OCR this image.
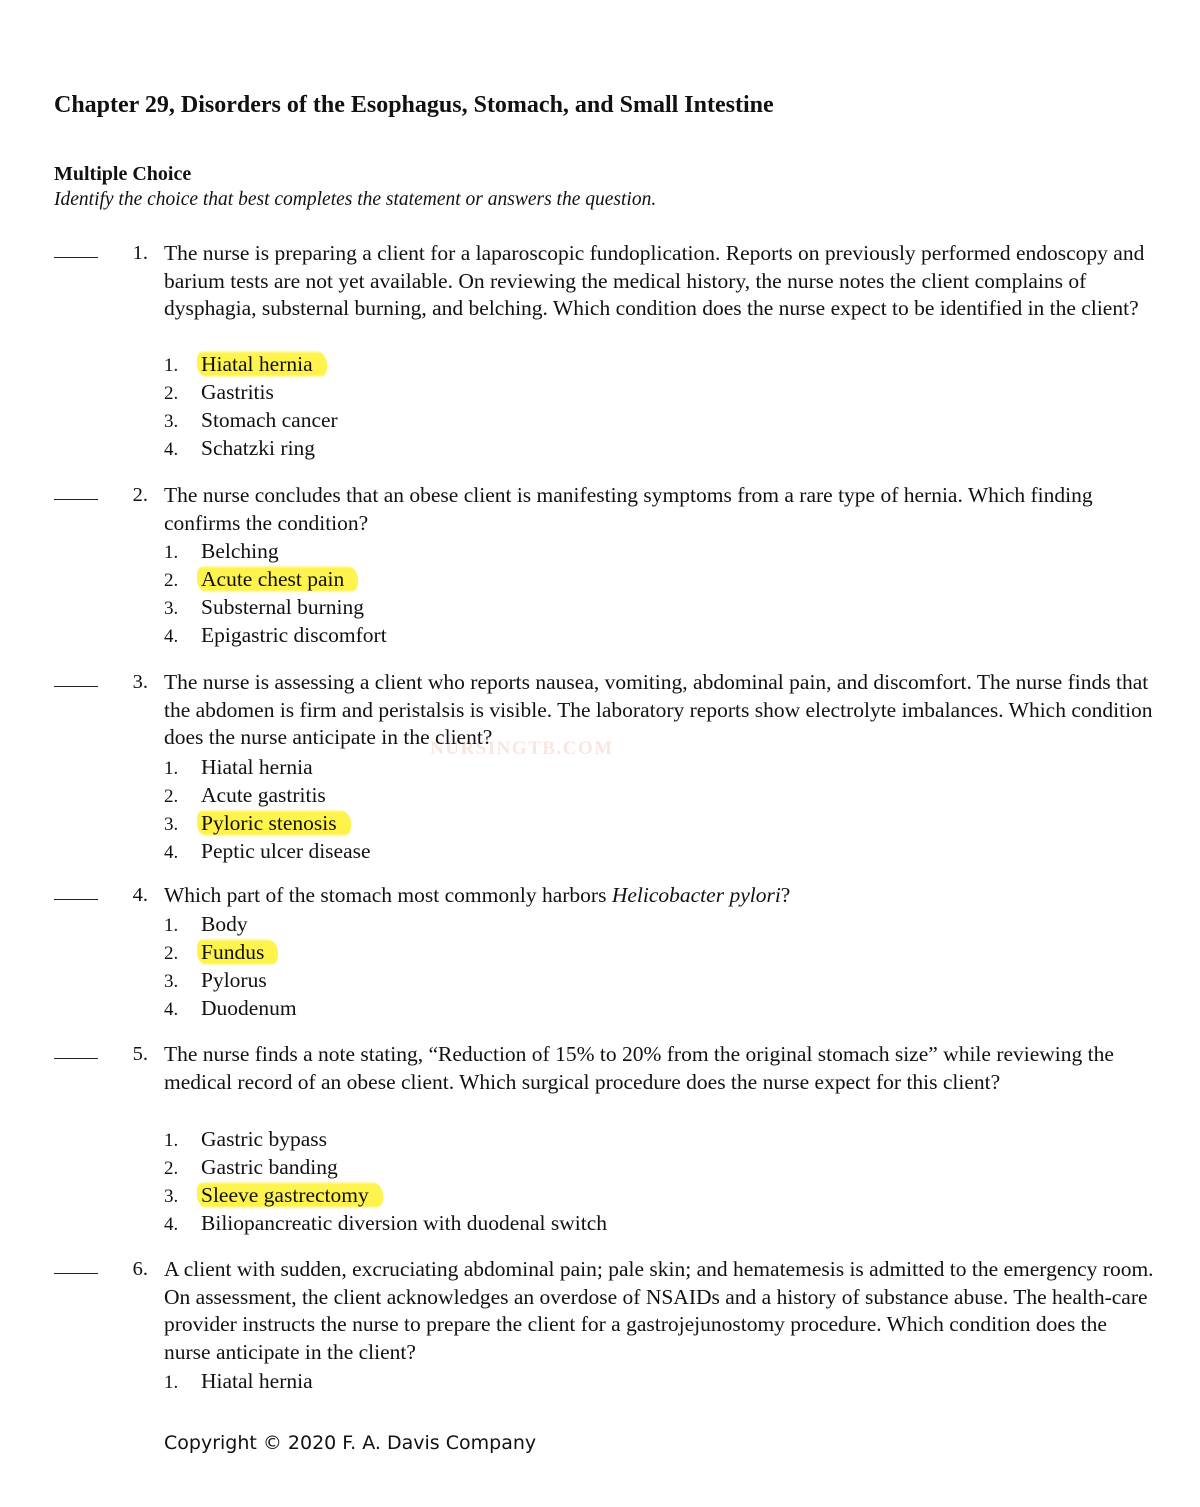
Chapter 29, Disorders of the Esophagus, Stomach, and Small Intestine
Multiple Choice
Identify the choice that best completes the statement or answers the question.
NURSINGTB.COM
1. The nurse is preparing a client for a laparoscopic fundoplication. Reports on previously performed endoscopy and barium tests are not yet available. On reviewing the medical history, the nurse notes the client complains of dysphagia, substernal burning, and belching. Which condition does the nurse expect to be identified in the client?
1. Hiatal hernia
2. Gastritis
3. Stomach cancer
4. Schatzki ring
2. The nurse concludes that an obese client is manifesting symptoms from a rare type of hernia. Which finding confirms the condition?
1. Belching
2. Acute chest pain
3. Substernal burning
4. Epigastric discomfort
3. The nurse is assessing a client who reports nausea, vomiting, abdominal pain, and discomfort. The nurse finds that the abdomen is firm and peristalsis is visible. The laboratory reports show electrolyte imbalances. Which condition does the nurse anticipate in the client?
1. Hiatal hernia
2. Acute gastritis
3. Pyloric stenosis
4. Peptic ulcer disease
4. Which part of the stomach most commonly harbors Helicobacter pylori?
1. Body
2. Fundus
3. Pylorus
4. Duodenum
5. The nurse finds a note stating, “Reduction of 15% to 20% from the original stomach size” while reviewing the medical record of an obese client. Which surgical procedure does the nurse expect for this client?
1. Gastric bypass
2. Gastric banding
3. Sleeve gastrectomy
4. Biliopancreatic diversion with duodenal switch
6. A client with sudden, excruciating abdominal pain; pale skin; and hematemesis is admitted to the emergency room. On assessment, the client acknowledges an overdose of NSAIDs and a history of substance abuse. The health-care provider instructs the nurse to prepare the client for a gastrojejunostomy procedure. Which condition does the nurse anticipate in the client?
1. Hiatal hernia
Copyright © 2020 F. A. Davis Company
